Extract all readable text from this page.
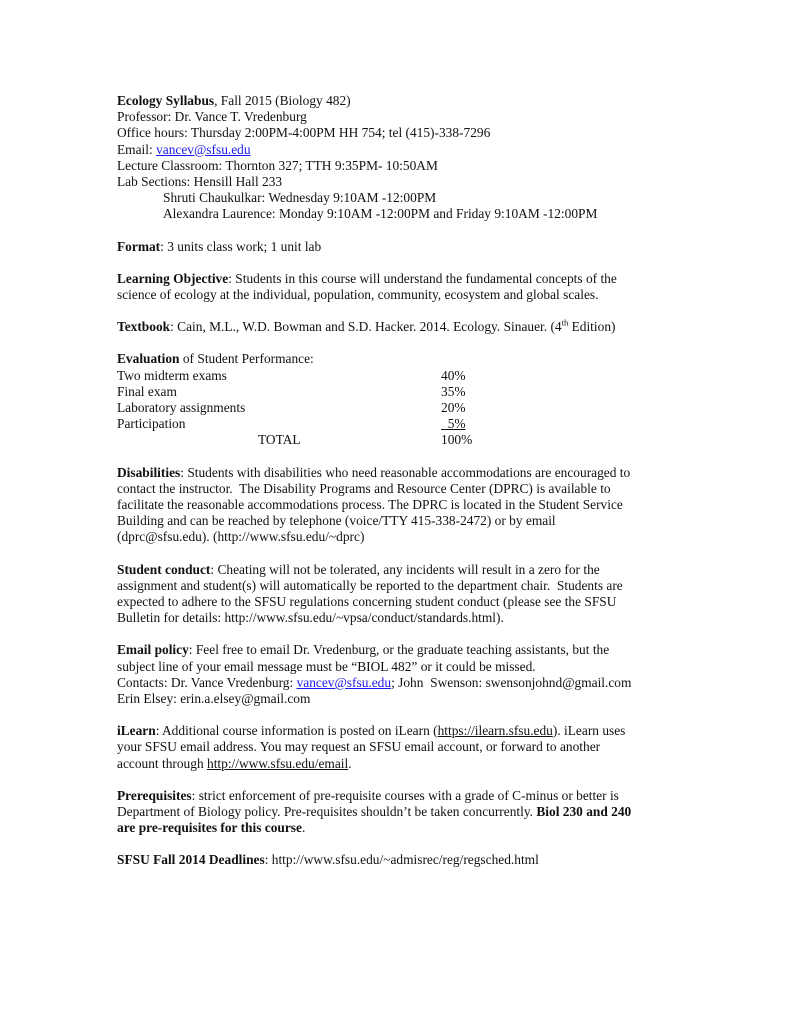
Ecology Syllabus, Fall 2015 (Biology 482)
Professor: Dr. Vance T. Vredenburg
Office hours: Thursday 2:00PM-4:00PM HH 754; tel (415)-338-7296
Email: vancev@sfsu.edu
Lecture Classroom: Thornton 327; TTH 9:35PM- 10:50AM
Lab Sections: Hensill Hall 233
Shruti Chaukulkar: Wednesday 9:10AM -12:00PM
Alexandra Laurence: Monday 9:10AM -12:00PM and Friday 9:10AM -12:00PM
Format: 3 units class work; 1 unit lab
Learning Objective: Students in this course will understand the fundamental concepts of the
science of ecology at the individual, population, community, ecosystem and global scales.
Textbook: Cain, M.L., W.D. Bowman and S.D. Hacker. 2014. Ecology. Sinauer. (4th Edition)
Evaluation of Student Performance:
Two midterm exams	40%
Final exam	35%
Laboratory assignments	20%
Participation	5%
TOTAL	100%
Disabilities: Students with disabilities who need reasonable accommodations are encouraged to
contact the instructor.  The Disability Programs and Resource Center (DPRC) is available to
facilitate the reasonable accommodations process. The DPRC is located in the Student Service
Building and can be reached by telephone (voice/TTY 415-338-2472) or by email
(dprc@sfsu.edu). (http://www.sfsu.edu/~dprc)
Student conduct: Cheating will not be tolerated, any incidents will result in a zero for the
assignment and student(s) will automatically be reported to the department chair.  Students are
expected to adhere to the SFSU regulations concerning student conduct (please see the SFSU
Bulletin for details: http://www.sfsu.edu/~vpsa/conduct/standards.html).
Email policy: Feel free to email Dr. Vredenburg, or the graduate teaching assistants, but the
subject line of your email message must be “BIOL 482” or it could be missed.
Contacts: Dr. Vance Vredenburg: vancev@sfsu.edu; John  Swenson: swensonjohnd@gmail.com
Erin Elsey: erin.a.elsey@gmail.com
iLearn: Additional course information is posted on iLearn (https://ilearn.sfsu.edu). iLearn uses
your SFSU email address. You may request an SFSU email account, or forward to another
account through http://www.sfsu.edu/email.
Prerequisites: strict enforcement of pre-requisite courses with a grade of C-minus or better is
Department of Biology policy. Pre-requisites shouldn’t be taken concurrently. Biol 230 and 240
are pre-requisites for this course.
SFSU Fall 2014 Deadlines: http://www.sfsu.edu/~admisrec/reg/regsched.html
